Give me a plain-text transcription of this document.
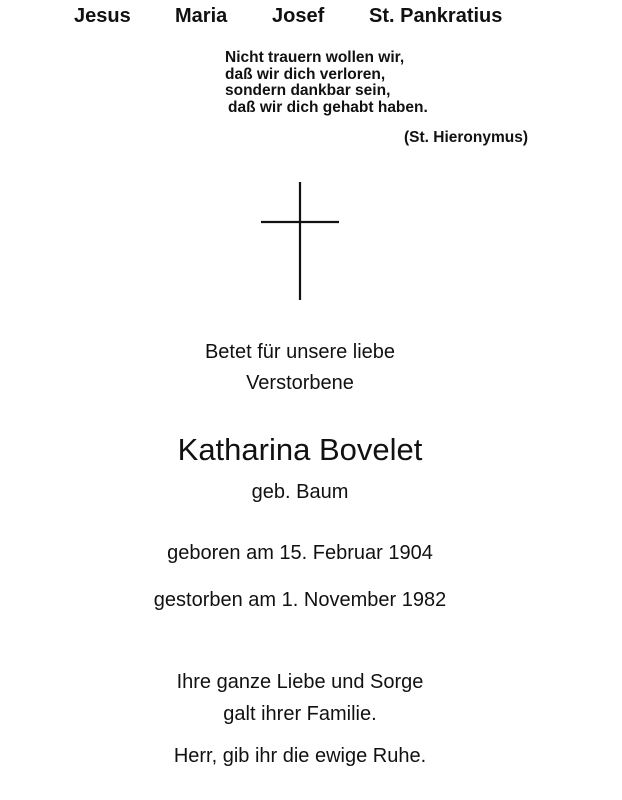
Jesus Maria Josef St. Pankratius
Nicht trauern wollen wir,
daß wir dich verloren,
sondern dankbar sein,
daß wir dich gehabt haben.
(St. Hieronymus)
Betet für unsere liebe
Verstorbene
Katharina Bovelet
geb. Baum
geboren am 15. Februar 1904
gestorben am 1. November 1982
Ihre ganze Liebe und Sorge
galt ihrer Familie.
Herr, gib ihr die ewige Ruhe.
